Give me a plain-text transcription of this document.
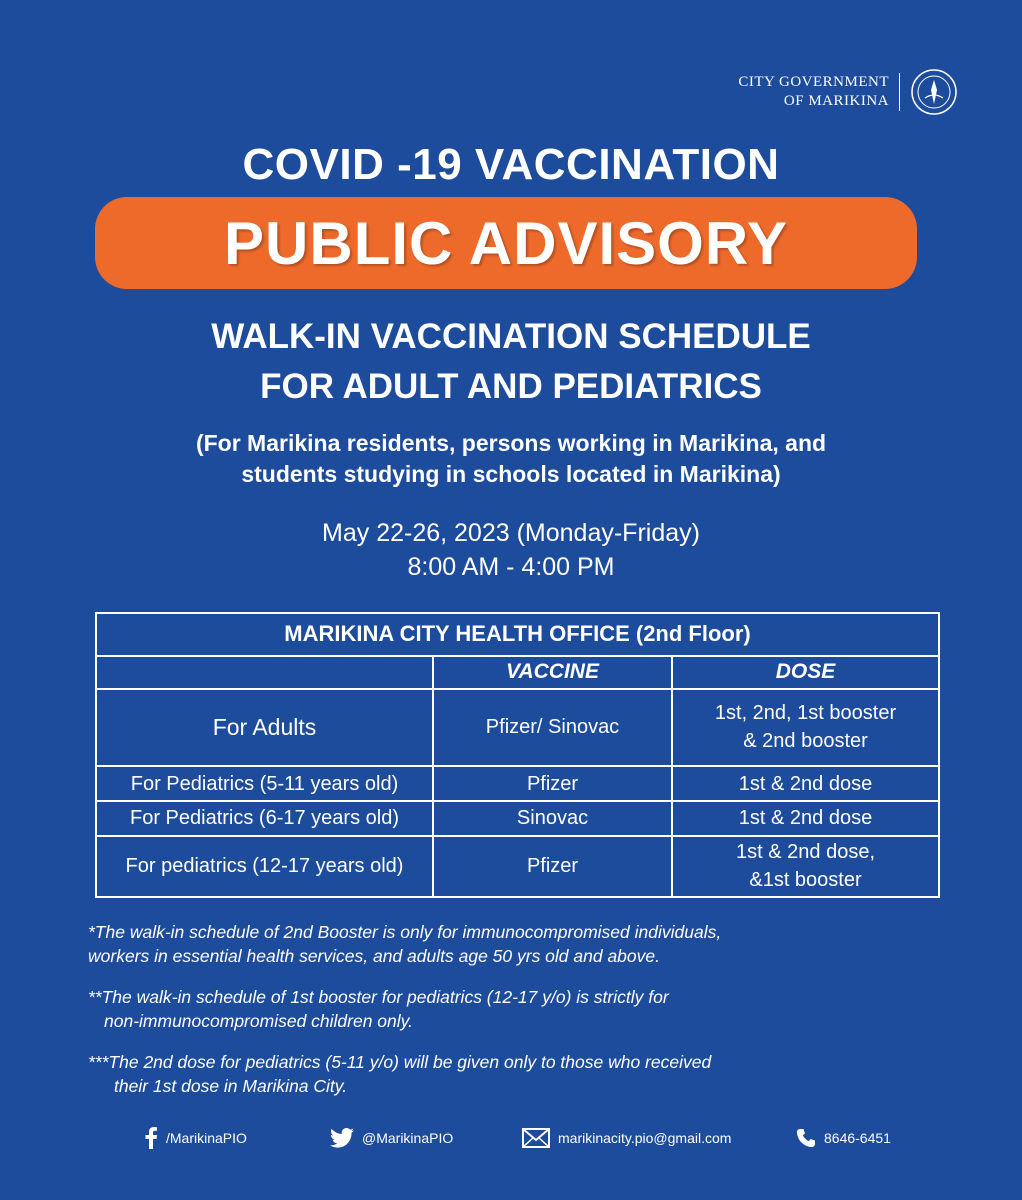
CITY GOVERNMENT
OF MARIKINA
COVID -19 VACCINATION
PUBLIC ADVISORY
WALK-IN VACCINATION SCHEDULE
FOR ADULT AND PEDIATRICS
(For Marikina residents, persons working in Marikina, and
students studying in schools located in Marikina)
May 22-26, 2023 (Monday-Friday)
8:00 AM - 4:00 PM
MARIKINA CITY HEALTH OFFICE (2nd Floor)		
	VACCINE	DOSE
For Adults	Pfizer/ Sinovac	1st, 2nd, 1st booster
& 2nd booster

For Pediatrics (5-11 years old)	Pfizer	1st & 2nd dose
For Pediatrics (6-17 years old)	Sinovac	1st & 2nd dose
For pediatrics (12-17 years old)	Pfizer	1st & 2nd dose,
&1st booster
*The walk-in schedule of 2nd Booster is only for immunocompromised individuals,
workers in essential health services, and adults age 50 yrs old and above.
**The walk-in schedule of 1st booster for pediatrics (12-17 y/o) is strictly for
non-immunocompromised children only.
***The 2nd dose for pediatrics (5-11 y/o) will be given only to those who received
their 1st dose in Marikina City.
/MarikinaPIO	@MarikinaPIO	marikinacity.pio@gmail.com	8646-6451
